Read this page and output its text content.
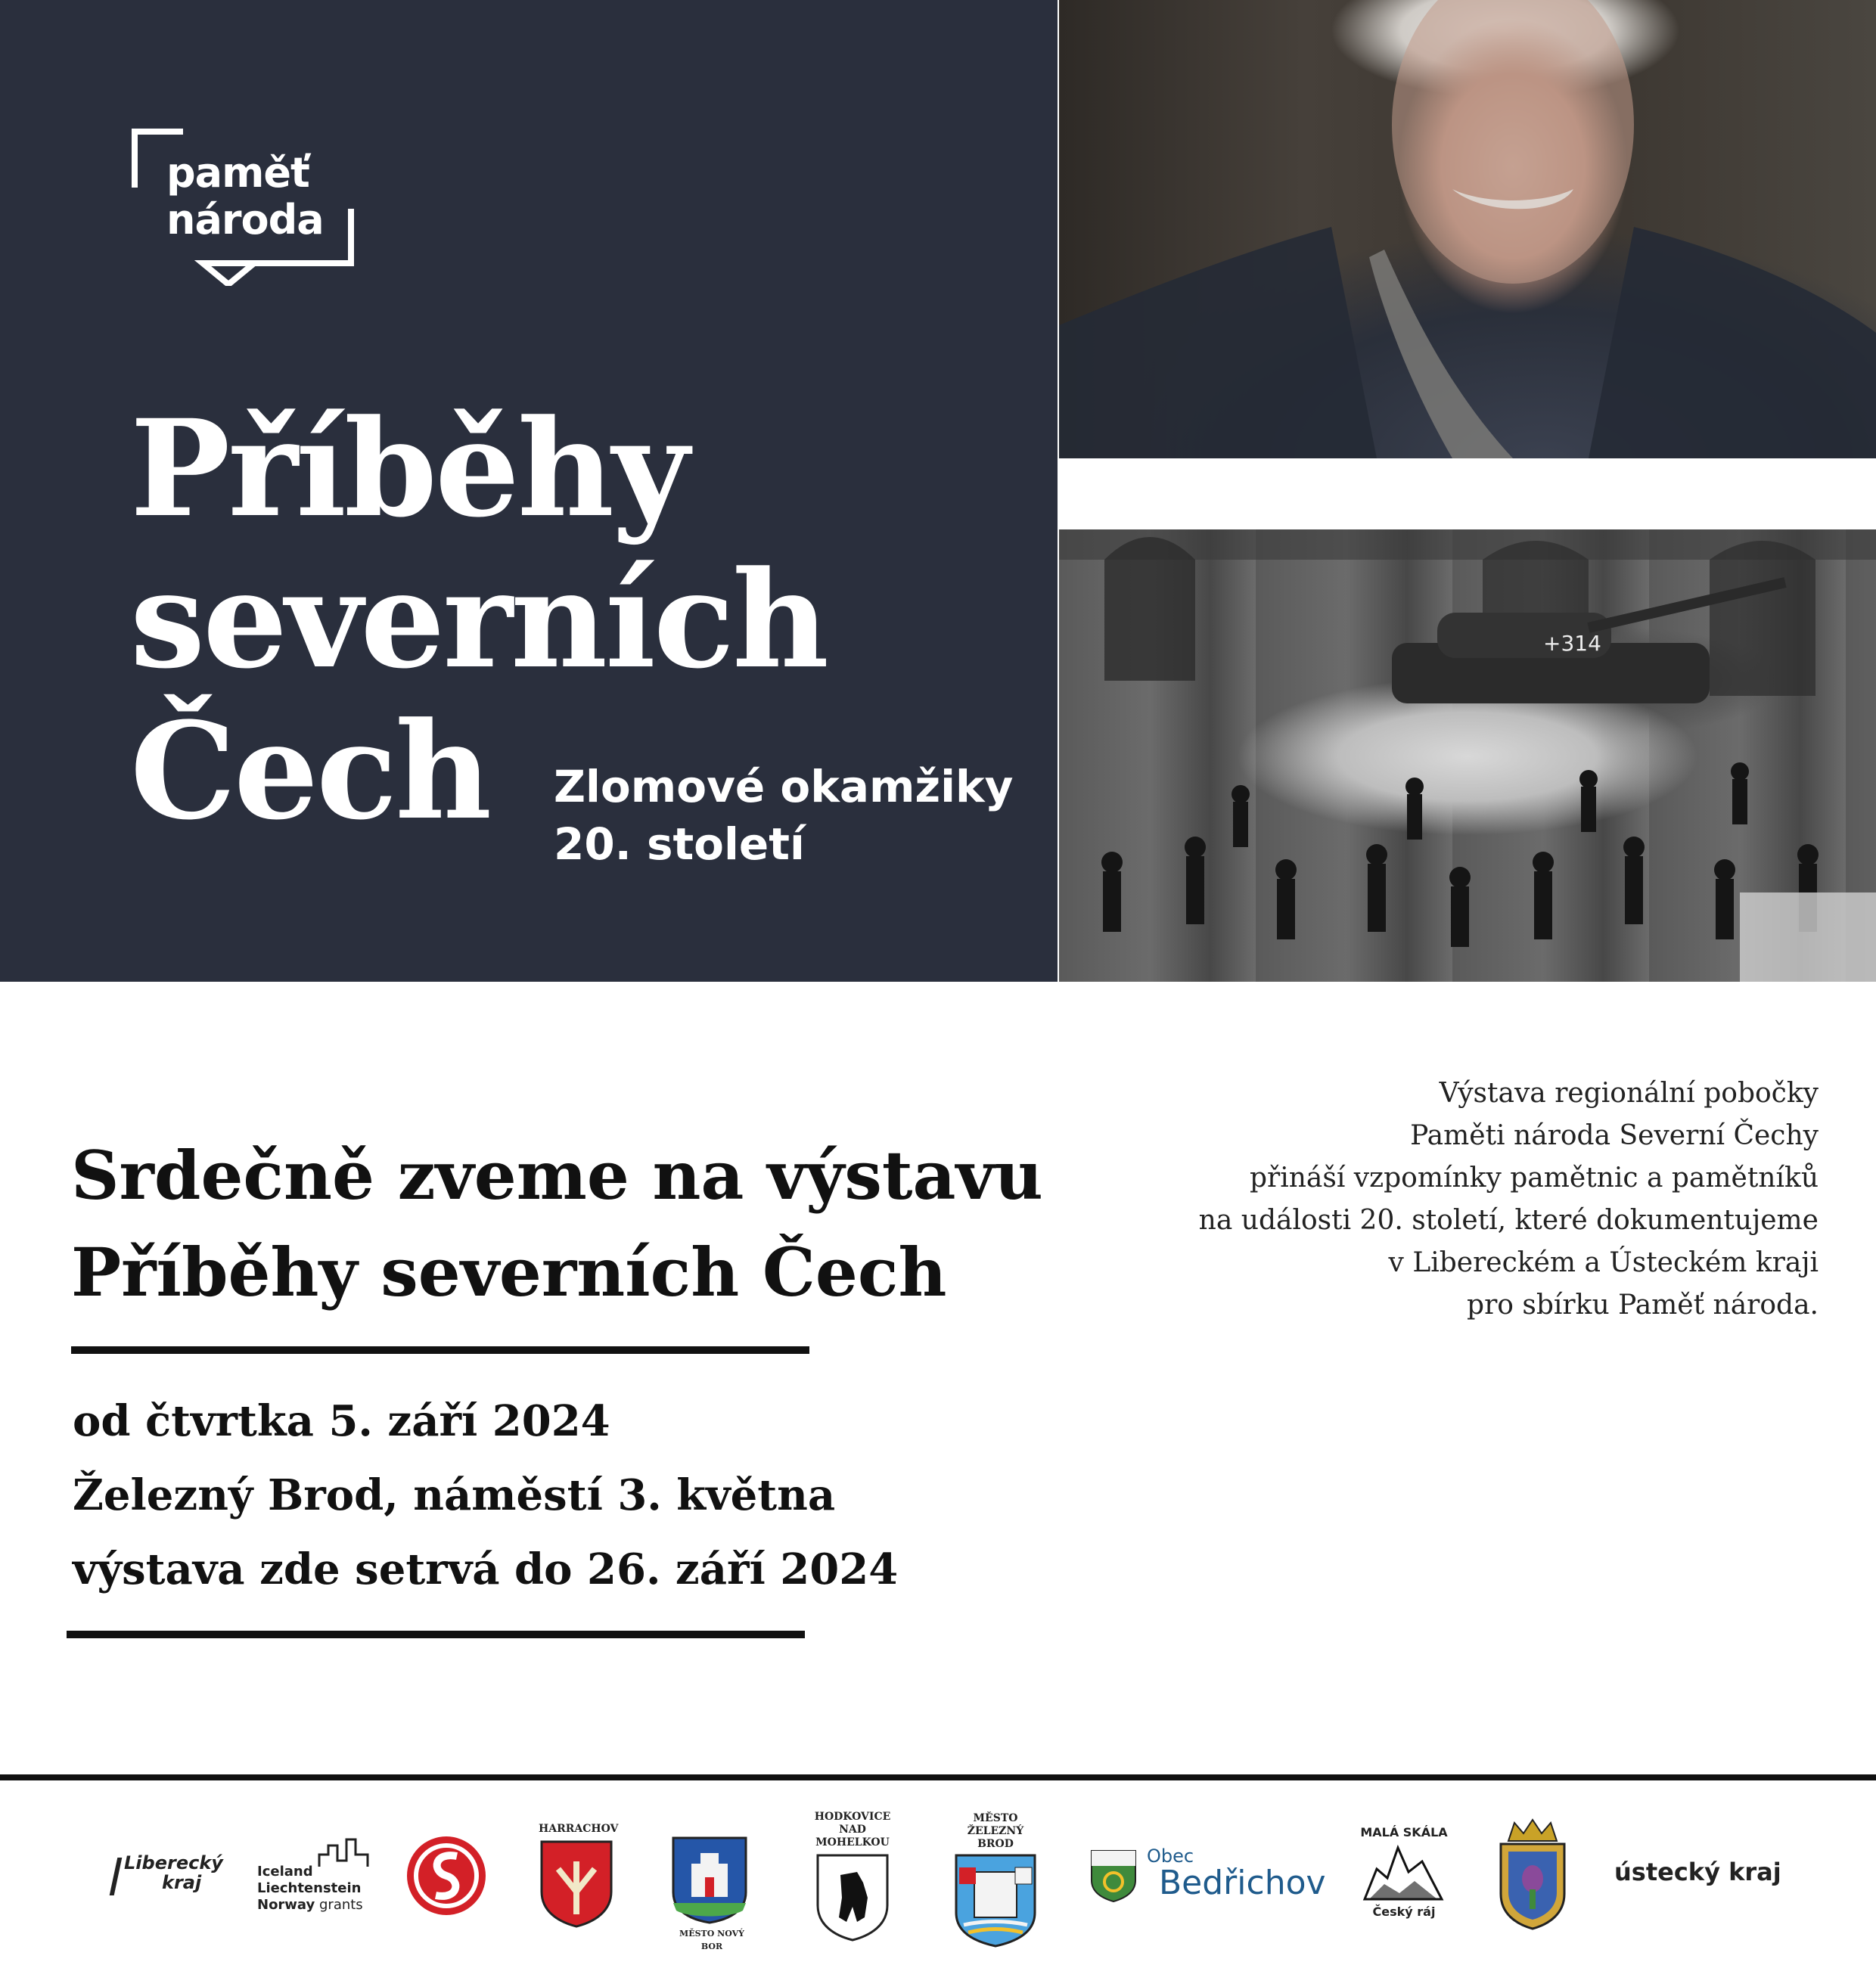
paměť
národa
Příběhy
severních
Čech	Zlomové okamžiky
20. století
+314
Srdečně zveme na výstavu
Příběhy severních Čech
od čtvrtka 5. září 2024
Železný Brod, náměstí 3. května
výstava zde setrvá do 26. září 2024
Výstava regionální pobočky
Paměti národa Severní Čechy
přináší vzpomínky pamětnic a pamětníků
na události 20. století, které dokumentujeme
v Libereckém a Ústeckém kraji
pro sbírku Paměť národa.
Liberecký
kraj
Iceland
Liechtenstein
Norway grants
HARRACHOV
MĚSTO NOVÝ BOR
HODKOVICE
NAD MOHELKOU
MĚSTO
ŽELEZNÝ BROD
Obec
Bedřichov
MALÁ SKÁLA
Český ráj
ústecký kraj
